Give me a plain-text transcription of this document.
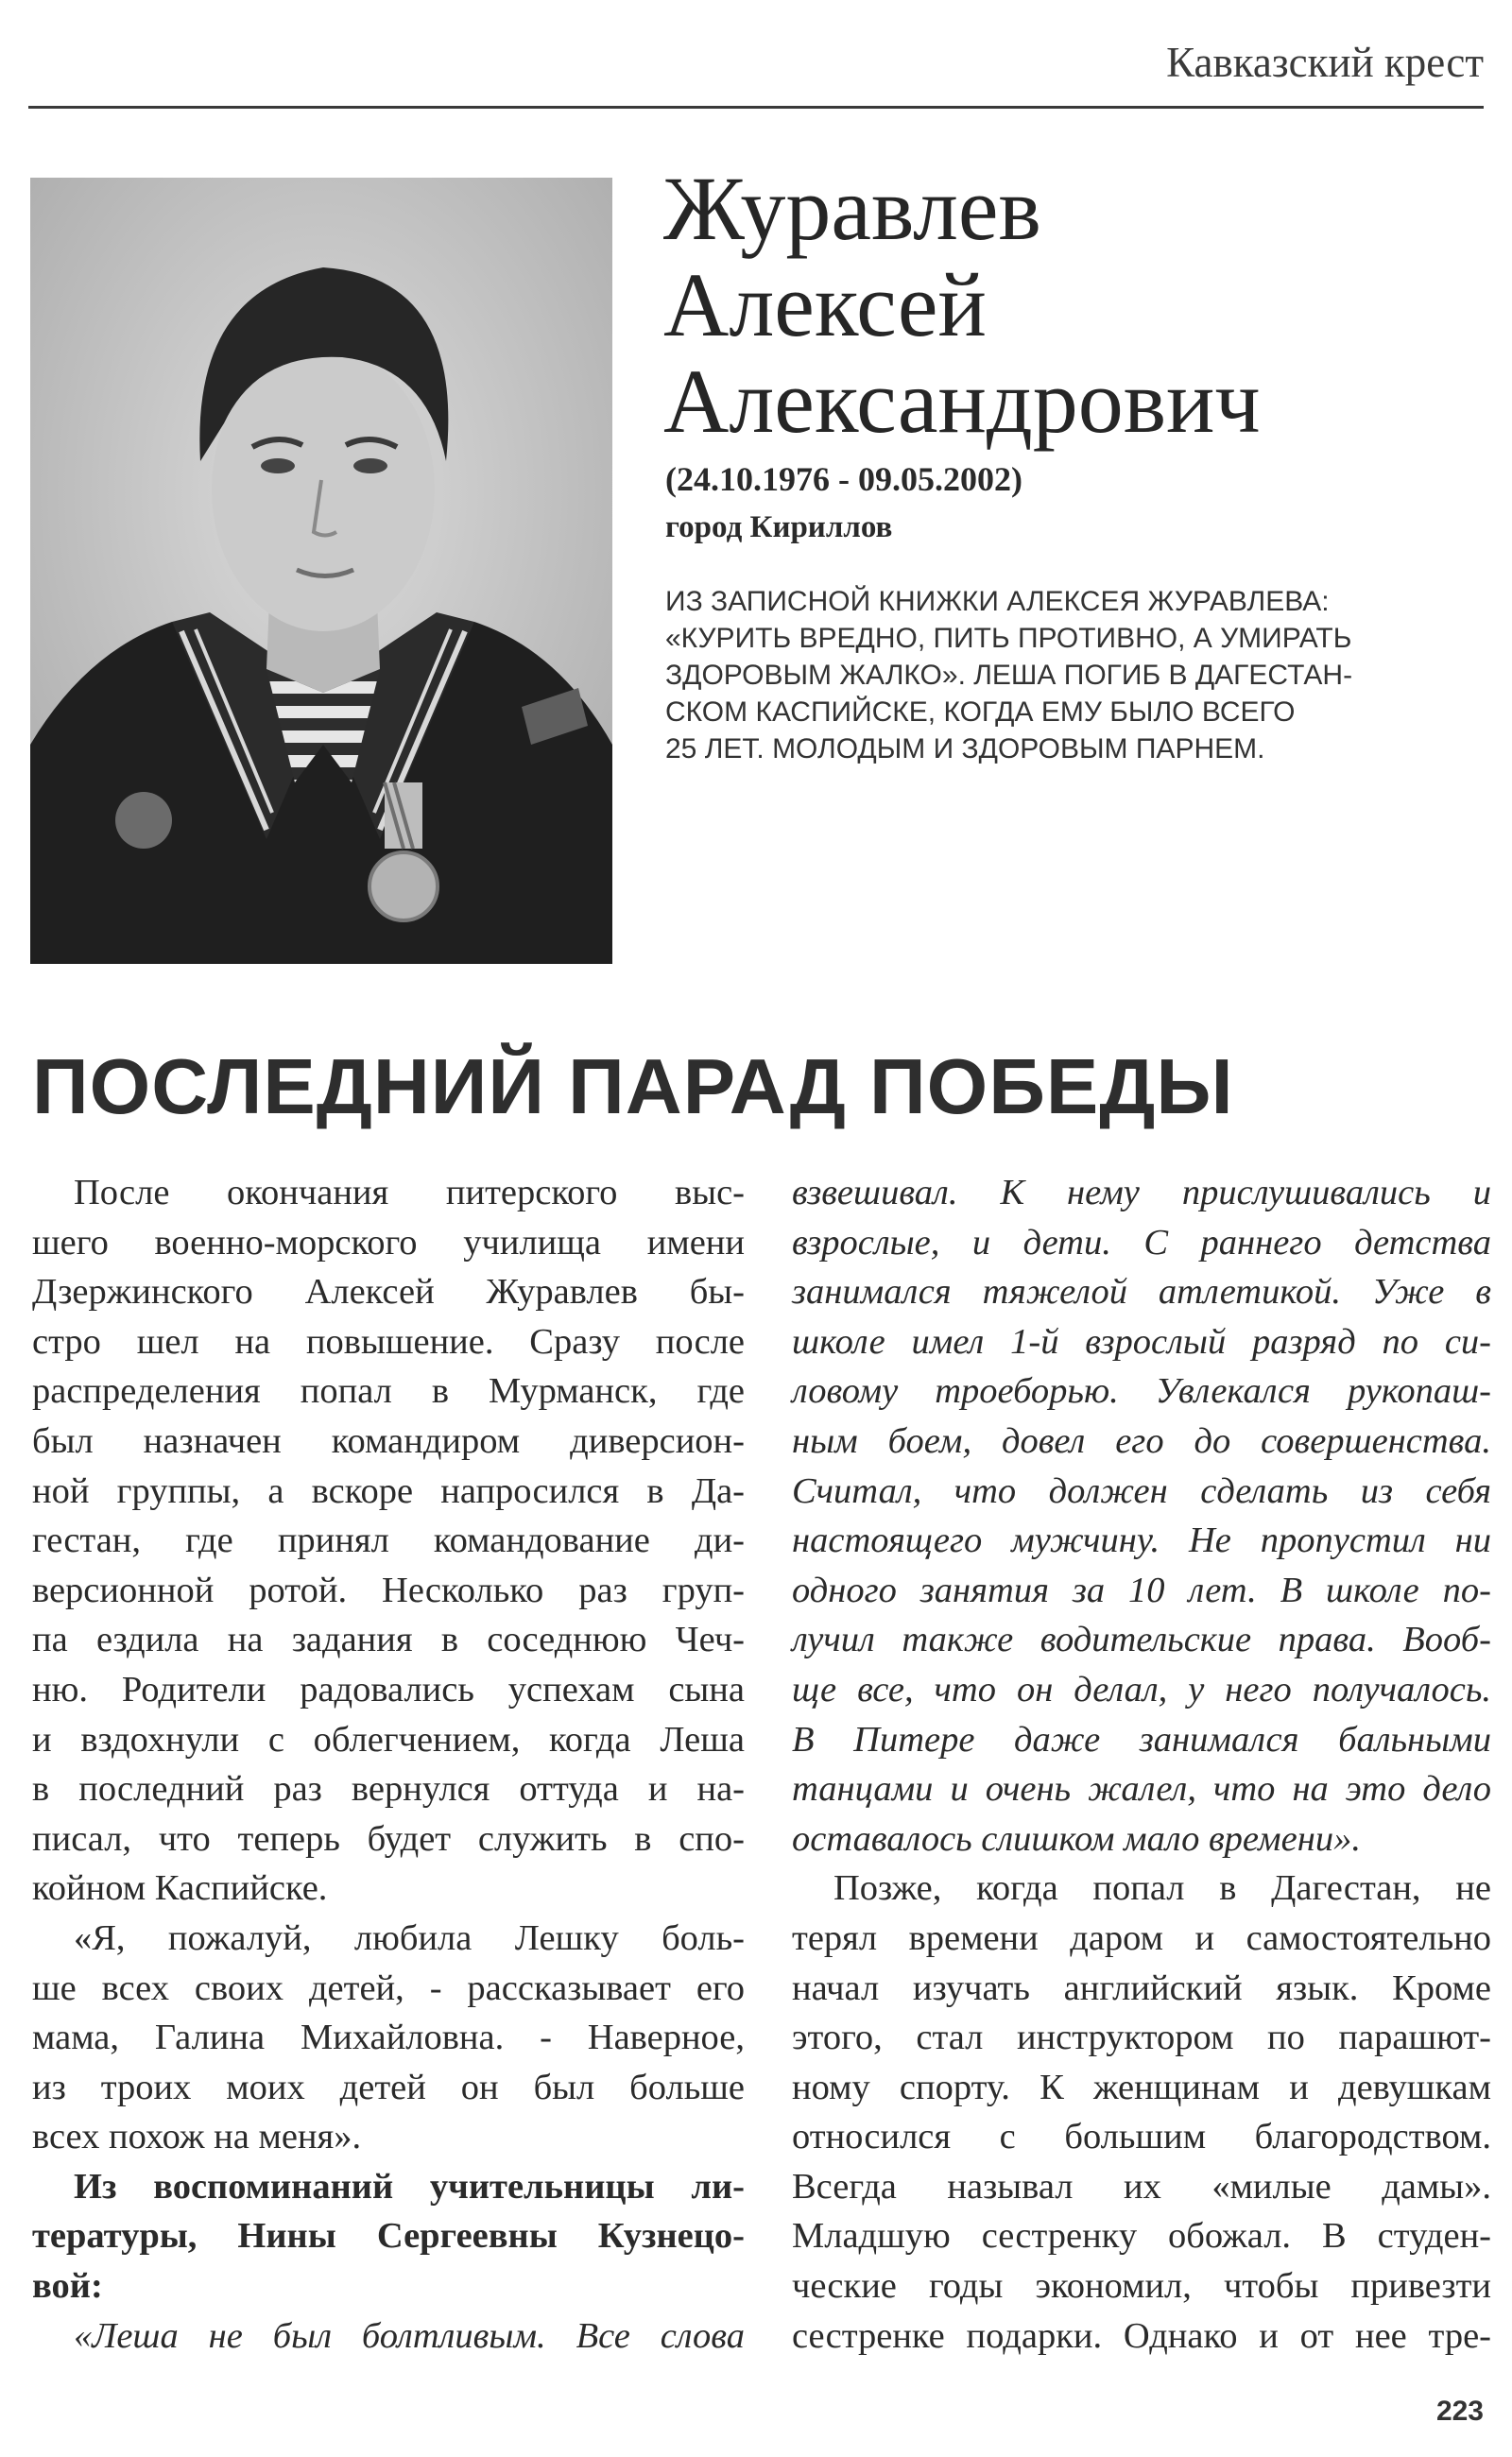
Кавказский крест
Журавлев
Алексей
Александрович
(24.10.1976 - 09.05.2002)
город Кириллов
ИЗ ЗАПИСНОЙ КНИЖКИ АЛЕКСЕЯ ЖУРАВЛЕВА:
«КУРИТЬ ВРЕДНО, ПИТЬ ПРОТИВНО, А УМИРАТЬ
ЗДОРОВЫМ ЖАЛКО». ЛЕША ПОГИБ В ДАГЕСТАН-
СКОМ КАСПИЙСКЕ, КОГДА ЕМУ БЫЛО ВСЕГО
25 ЛЕТ. МОЛОДЫМ И ЗДОРОВЫМ ПАРНЕМ.
ПОСЛЕДНИЙ ПАРАД ПОБЕДЫ
После окончания питерского выс-
шего военно-морского училища имени
Дзержинского Алексей Журавлев бы-
стро шел на повышение. Сразу после
распределения попал в Мурманск, где
был назначен командиром диверсион-
ной группы, а вскоре напросился в Да-
гестан, где принял командование ди-
версионной ротой. Несколько раз груп-
па ездила на задания в соседнюю Чеч-
ню. Родители радовались успехам сына
и вздохнули с облегчением, когда Леша
в последний раз вернулся оттуда и на-
писал, что теперь будет служить в спо-
койном Каспийске.
«Я, пожалуй, любила Лешку боль-
ше всех своих детей, - рассказывает его
мама, Галина Михайловна. - Наверное,
из троих моих детей он был больше
всех похож на меня».
Из воспоминаний учительницы ли-
тературы, Нины Сергеевны Кузнецо-
вой:
«Леша не был болтливым. Все слова
взвешивал. К нему прислушивались и
взрослые, и дети. С раннего детства
занимался тяжелой атлетикой. Уже в
школе имел 1-й взрослый разряд по си-
ловому троеборью. Увлекался рукопаш-
ным боем, довел его до совершенства.
Считал, что должен сделать из себя
настоящего мужчину. Не пропустил ни
одного занятия за 10 лет. В школе по-
лучил также водительские права. Вооб-
ще все, что он делал, у него получалось.
В Питере даже занимался бальными
танцами и очень жалел, что на это дело
оставалось слишком мало времени».
Позже, когда попал в Дагестан, не
терял времени даром и самостоятельно
начал изучать английский язык. Кроме
этого, стал инструктором по парашют-
ному спорту. К женщинам и девушкам
относился с большим благородством.
Всегда называл их «милые дамы».
Младшую сестренку обожал. В студен-
ческие годы экономил, чтобы привезти
сестренке подарки. Однако и от нее тре-
223
